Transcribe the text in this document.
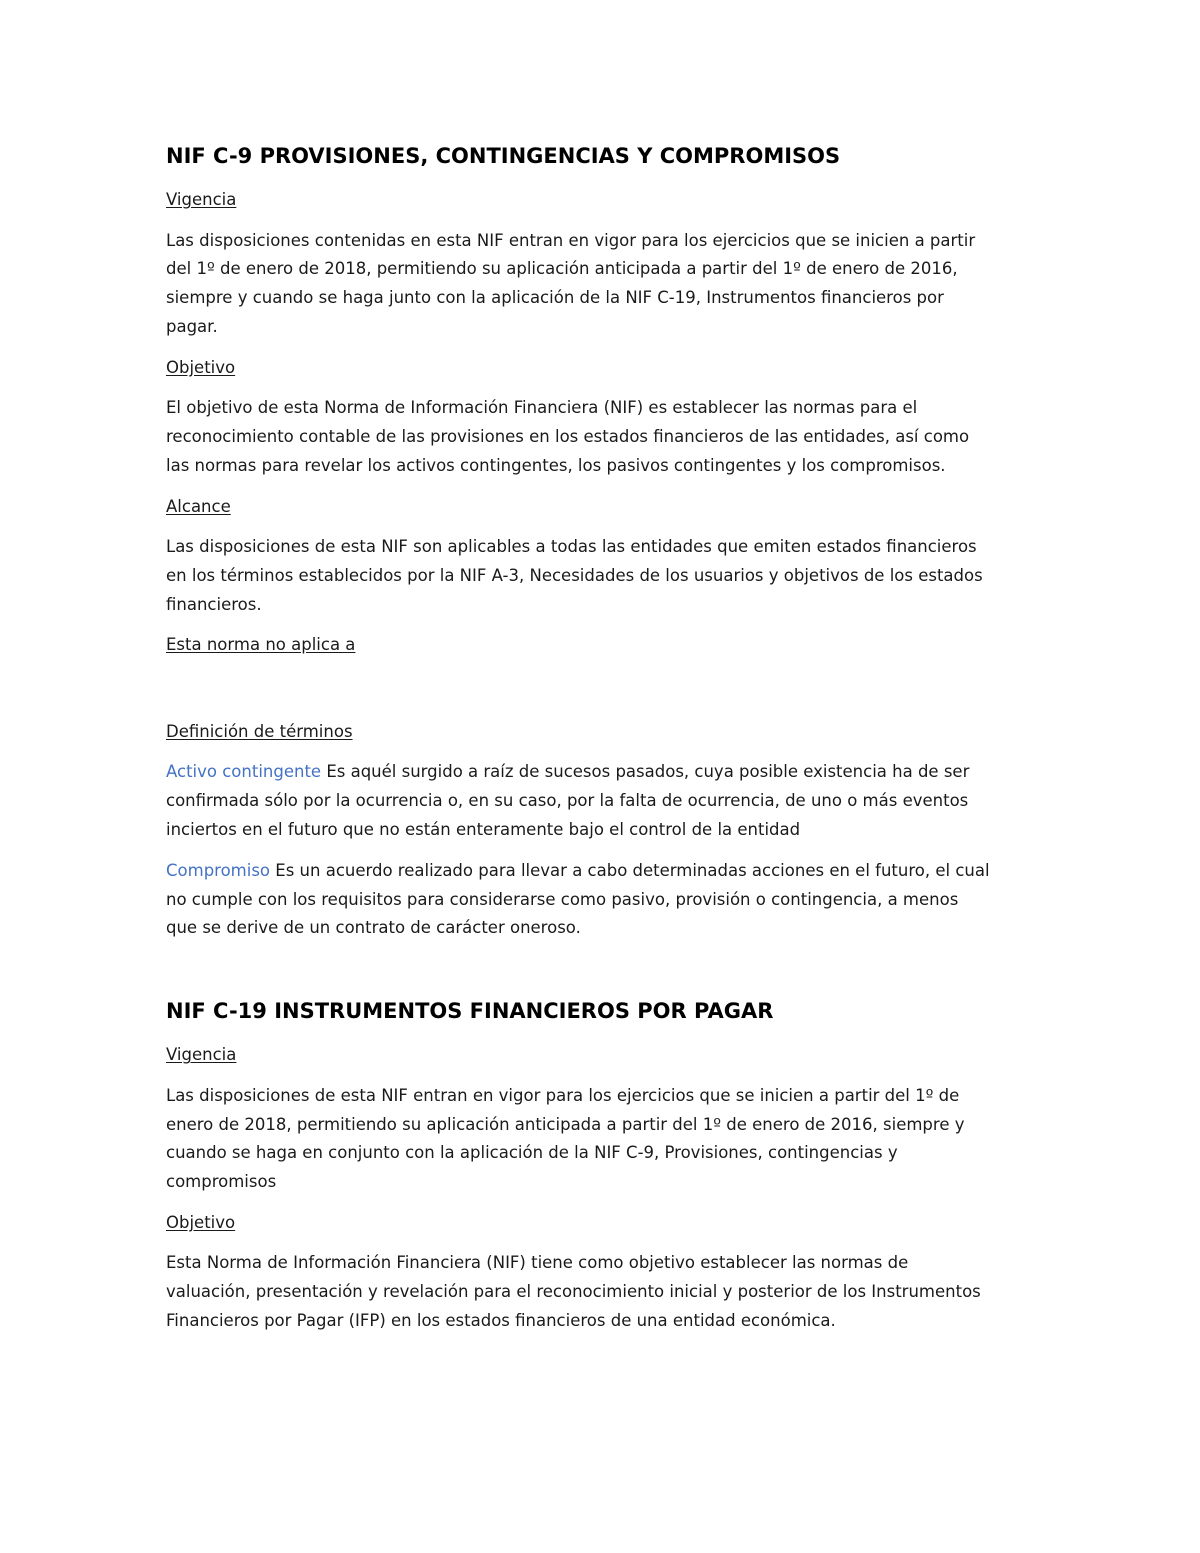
NIF C-9 PROVISIONES, CONTINGENCIAS Y COMPROMISOS
Vigencia
Las disposiciones contenidas en esta NIF entran en vigor para los ejercicios que se inicien a partir
del 1º de enero de 2018, permitiendo su aplicación anticipada a partir del 1º de enero de 2016,
siempre y cuando se haga junto con la aplicación de la NIF C-19, Instrumentos financieros por
pagar.
Objetivo
El objetivo de esta Norma de Información Financiera (NIF) es establecer las normas para el
reconocimiento contable de las provisiones en los estados financieros de las entidades, así como
las normas para revelar los activos contingentes, los pasivos contingentes y los compromisos.
Alcance
Las disposiciones de esta NIF son aplicables a todas las entidades que emiten estados financieros
en los términos establecidos por la NIF A-3, Necesidades de los usuarios y objetivos de los estados
financieros.
Esta norma no aplica a
Definición de términos
Activo contingente Es aquél surgido a raíz de sucesos pasados, cuya posible existencia ha de ser
confirmada sólo por la ocurrencia o, en su caso, por la falta de ocurrencia, de uno o más eventos
inciertos en el futuro que no están enteramente bajo el control de la entidad
Compromiso Es un acuerdo realizado para llevar a cabo determinadas acciones en el futuro, el cual
no cumple con los requisitos para considerarse como pasivo, provisión o contingencia, a menos
que se derive de un contrato de carácter oneroso.
NIF C-19 INSTRUMENTOS FINANCIEROS POR PAGAR
Vigencia
Las disposiciones de esta NIF entran en vigor para los ejercicios que se inicien a partir del 1º de
enero de 2018, permitiendo su aplicación anticipada a partir del 1º de enero de 2016, siempre y
cuando se haga en conjunto con la aplicación de la NIF C-9, Provisiones, contingencias y
compromisos
Objetivo
Esta Norma de Información Financiera (NIF) tiene como objetivo establecer las normas de
valuación, presentación y revelación para el reconocimiento inicial y posterior de los Instrumentos
Financieros por Pagar (IFP) en los estados financieros de una entidad económica.
